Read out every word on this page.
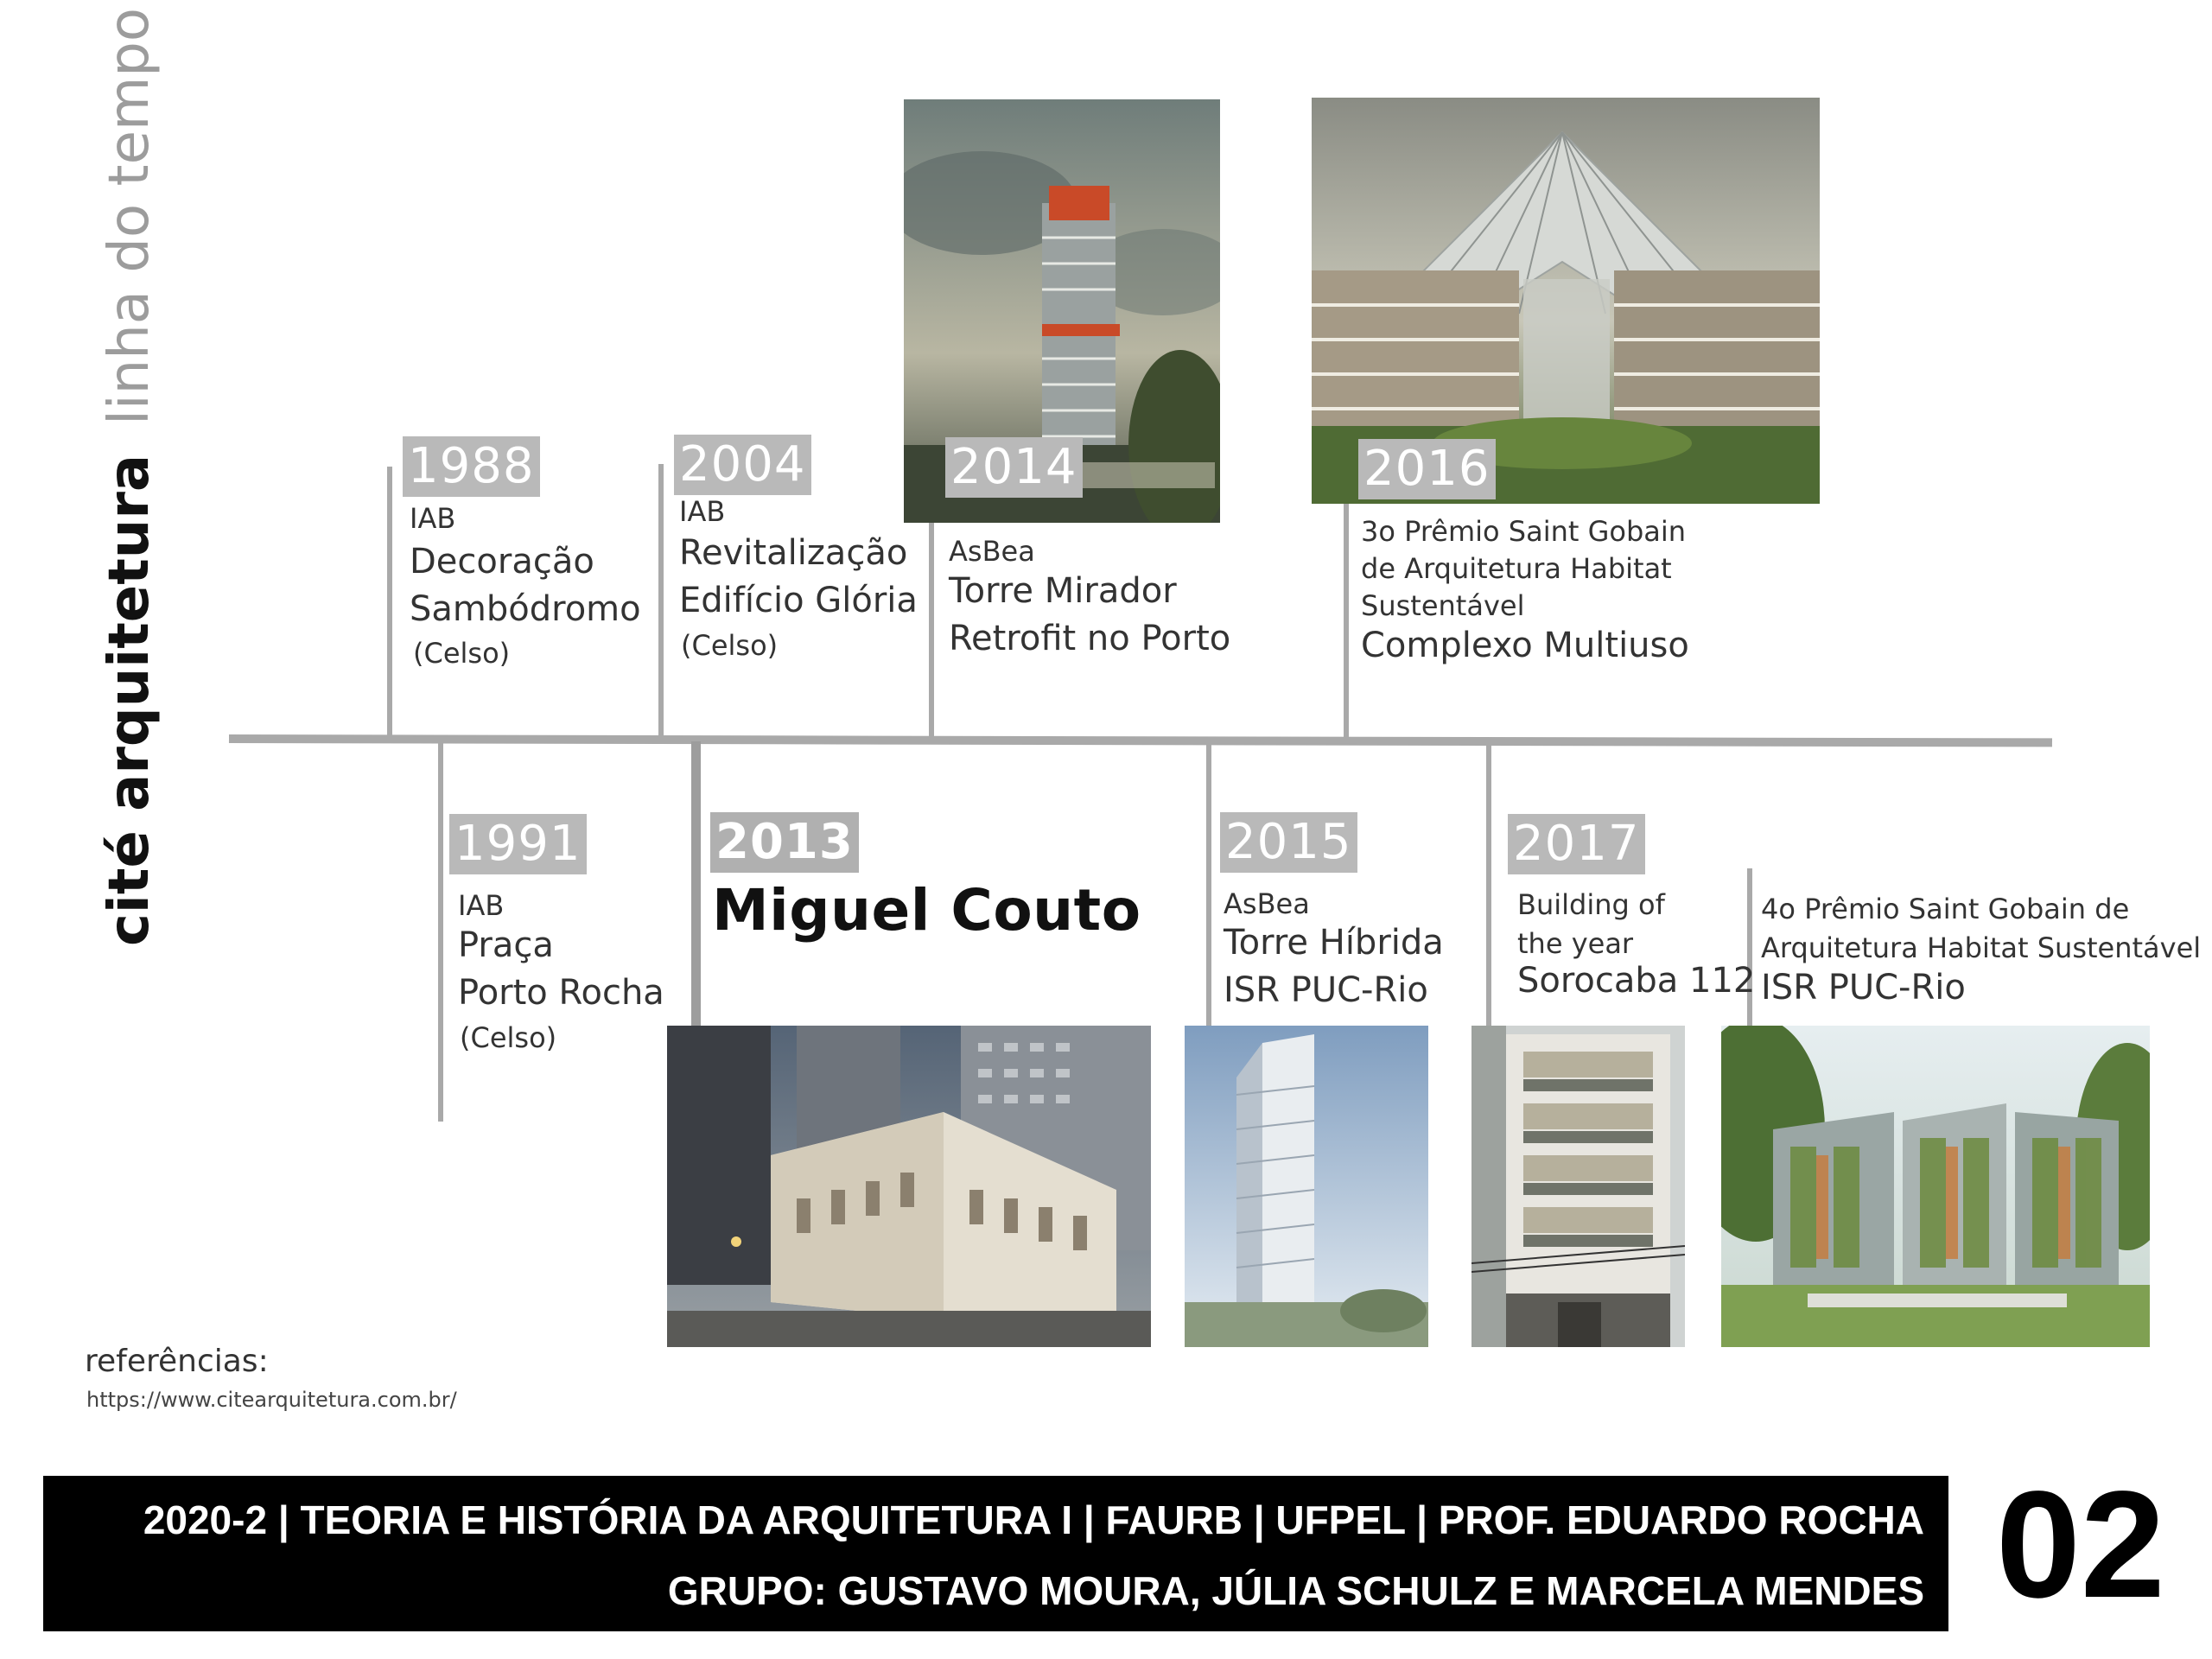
cité arquiteturalinha do tempo
1988
IAB
Decoração
Sambódromo
(Celso)
2004
IAB
Revitalização
Edifício Glória
(Celso)
2014
AsBea
Torre Mirador
Retrofit no Porto
2016
3o Prêmio Saint Gobain
de Arquitetura Habitat
Sustentável
Complexo Multiuso
1991
IAB
Praça
Porto Rocha
(Celso)
2013
Miguel Couto
2015
AsBea
Torre Híbrida
ISR PUC-Rio
2017
Building of
the year
Sorocaba 112
4o Prêmio Saint Gobain de
Arquitetura Habitat Sustentável
ISR PUC-Rio
referências:
https://www.citearquitetura.com.br/
2020-2 | TEORIA E HISTÓRIA DA ARQUITETURA I | FAURB | UFPEL | PROF. EDUARDO ROCHA
GRUPO: GUSTAVO MOURA, JÚLIA SCHULZ E MARCELA MENDES 02
